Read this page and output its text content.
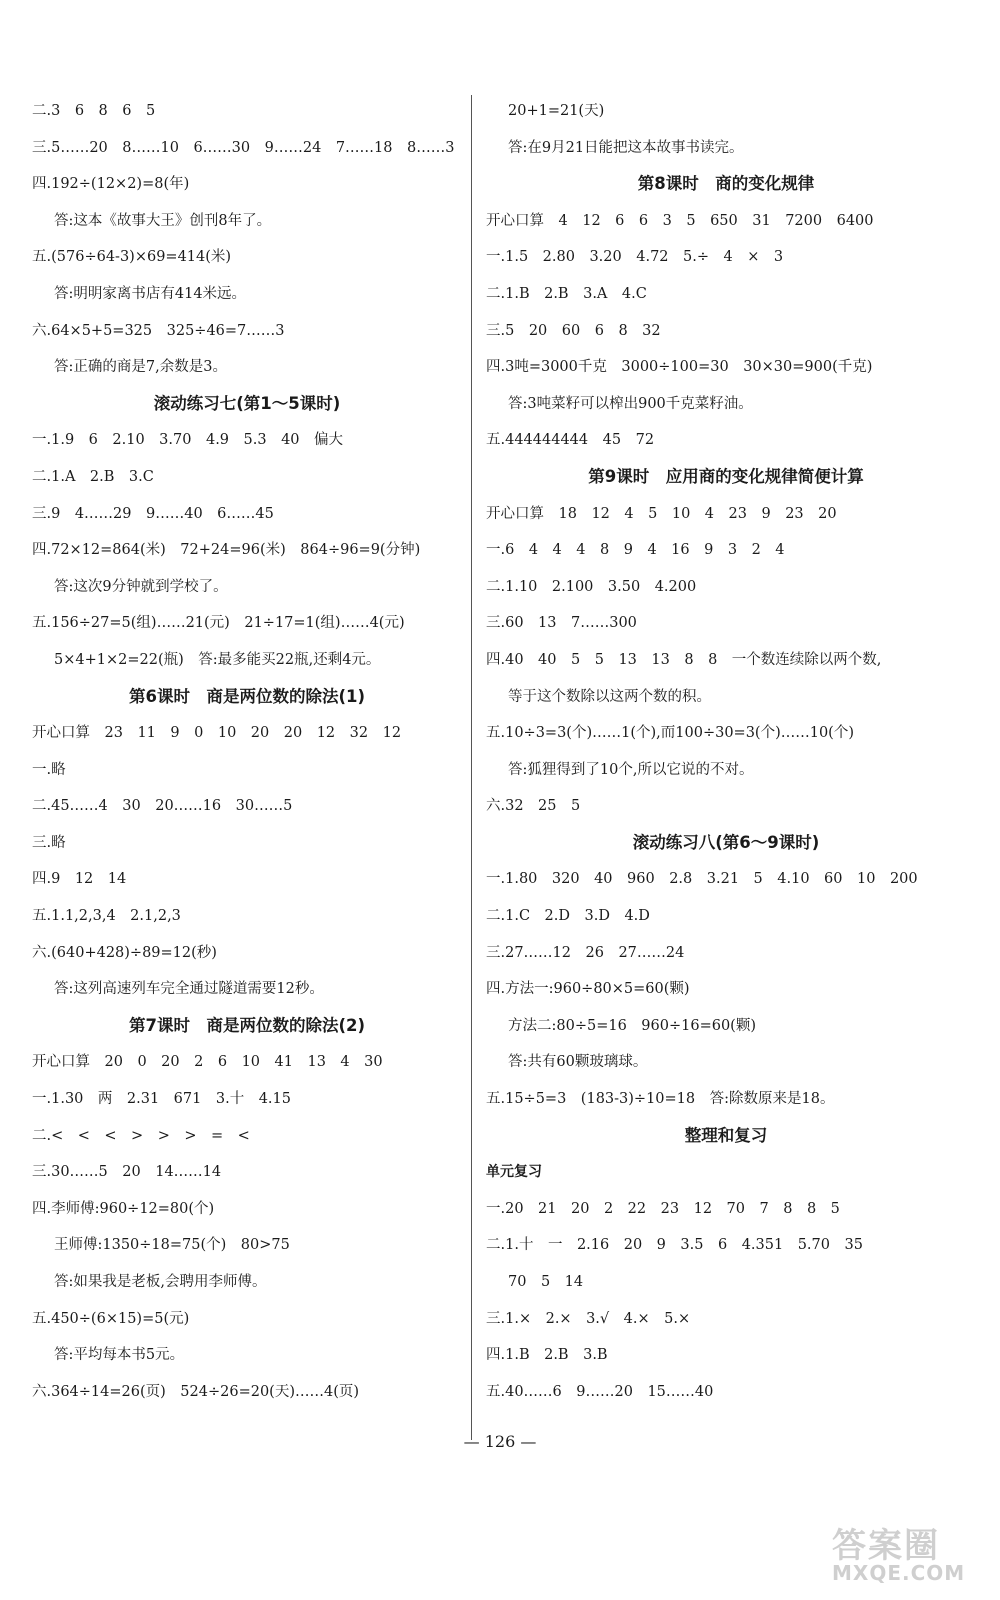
二.3　6　8　6　5
三.5……20　8……10　6……30　9……24　7……18　8……3
四.192÷(12×2)=8(年)
答:这本《故事大王》创刊8年了。
五.(576÷64-3)×69=414(米)
答:明明家离书店有414米远。
六.64×5+5=325　325÷46=7……3
答:正确的商是7,余数是3。
滚动练习七(第1～5课时)
一.1.9　6　2.10　3.70　4.9　5.3　40　偏大
二.1.A　2.B　3.C
三.9　4……29　9……40　6……45
四.72×12=864(米)　72+24=96(米)　864÷96=9(分钟)
答:这次9分钟就到学校了。
五.156÷27=5(组)……21(元)　21÷17=1(组)……4(元)
5×4+1×2=22(瓶)　答:最多能买22瓶,还剩4元。
第6课时　商是两位数的除法(1)
开心口算　23　11　9　0　10　20　20　12　32　12
一.略
二.45……4　30　20……16　30……5
三.略
四.9　12　14
五.1.1,2,3,4　2.1,2,3
六.(640+428)÷89=12(秒)
答:这列高速列车完全通过隧道需要12秒。
第7课时　商是两位数的除法(2)
开心口算　20　0　20　2　6　10　41　13　4　30
一.1.30　两　2.31　671　3.十　4.15
二.<　<　<　>　>　>　=　<
三.30……5　20　14……14
四.李师傅:960÷12=80(个)
王师傅:1350÷18=75(个)　80>75
答:如果我是老板,会聘用李师傅。
五.450÷(6×15)=5(元)
答:平均每本书5元。
六.364÷14=26(页)　524÷26=20(天)……4(页)
20+1=21(天)
答:在9月21日能把这本故事书读完。
第8课时　商的变化规律
开心口算　4　12　6　6　3　5　650　31　7200　6400
一.1.5　2.80　3.20　4.72　5.÷　4　×　3
二.1.B　2.B　3.A　4.C
三.5　20　60　6　8　32
四.3吨=3000千克　3000÷100=30　30×30=900(千克)
答:3吨菜籽可以榨出900千克菜籽油。
五.444444444　45　72
第9课时　应用商的变化规律简便计算
开心口算　18　12　4　5　10　4　23　9　23　20
一.6　4　4　4　8　9　4　16　9　3　2　4
二.1.10　2.100　3.50　4.200
三.60　13　7……300
四.40　40　5　5　13　13　8　8　一个数连续除以两个数,
等于这个数除以这两个数的积。
五.10÷3=3(个)……1(个),而100÷30=3(个)……10(个)
答:狐狸得到了10个,所以它说的不对。
六.32　25　5
滚动练习八(第6～9课时)
一.1.80　320　40　960　2.8　3.21　5　4.10　60　10　200
二.1.C　2.D　3.D　4.D
三.27……12　26　27……24
四.方法一:960÷80×5=60(颗)
方法二:80÷5=16　960÷16=60(颗)
答:共有60颗玻璃球。
五.15÷5=3　(183-3)÷10=18　答:除数原来是18。
整理和复习
单元复习
一.20　21　20　2　22　23　12　70　7　8　8　5
二.1.十　一　2.16　20　9　3.5　6　4.351　5.70　35
70　5　14
三.1.×　2.×　3.√　4.×　5.×
四.1.B　2.B　3.B
五.40……6　9……20　15……40
— 126 —
答案圈
MXQE.COM
